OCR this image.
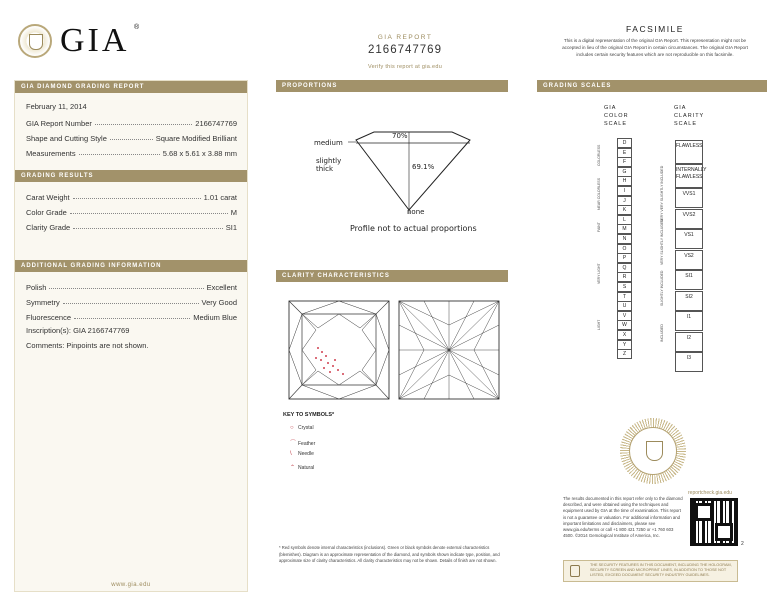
GIA ®
GIA REPORT
2166747769
Verify this report at gia.edu
FACSIMILE
This is a digital representation of the original GIA Report. This representation might not be accepted in lieu of the original GIA Report in certain circumstances. The original GIA Report includes certain security features which are not reproducible on this facsimile.
GIA DIAMOND GRADING REPORT
February 11, 2014
GIA Report Number	2166747769
Shape and Cutting Style	Square Modified Brilliant
Measurements	5.68 x 5.61 x 3.88 mm
GRADING RESULTS
Carat Weight	1.01 carat
Color Grade	M
Clarity Grade	SI1
ADDITIONAL GRADING INFORMATION
Polish	Excellent
Symmetry	Very Good
Fluorescence	Medium Blue
Inscription(s): GIA 2166747769
Comments: Pinpoints are not shown.
www.gia.edu
PROPORTIONS
70%
69.1%
medium
slightly
thick
none
Profile not to actual proportions
CLARITY CHARACTERISTICS
KEY TO SYMBOLS*
○ Crystal
⌒ Feather
\ Needle
⌃ Natural
* Red symbols denote internal characteristics (inclusions). Green or black symbols denote external characteristics (blemishes). Diagram is an approximate representation of the diamond, and symbols shown indicate type, position, and approximate size of clarity characteristics. All clarity characteristics may not be shown. Details of finish are not shown.
GRADING SCALES
GIA
COLOR
SCALE
GIA
CLARITY
SCALE
D
E
F
G
H
I
J
K
L
M
N
O
P
Q
R
S
T
U
V
W
X
Y
Z
FLAWLESS
INTERNALLY FLAWLESS
VVS1
VVS2
VS1
VS2
SI1
SI2
I1
I2
I3
COLORLESS
NEAR COLORLESS
FAINT
VERY LIGHT
LIGHT
VERY VERY SLIGHTLY INCLUDED
VERY SLIGHTLY INCLUDED
SLIGHTLY INCLUDED
INCLUDED
reportcheck.gia.edu
2
The results documented in this report refer only to the diamond described, and were obtained using the techniques and equipment used by GIA at the time of examination. This report is not a guarantee or valuation. For additional information and important limitations and disclaimers, please see www.gia.edu/terms or call +1 800 421 7250 or +1 760 603 4500. ©2014 Gemological Institute of America, Inc.
THE SECURITY FEATURES IN THIS DOCUMENT, INCLUDING THE HOLOGRAM, SECURITY SCREEN AND MICROPRINT LINES, IN ADDITION TO THOSE NOT LISTED, EXCEED DOCUMENT SECURITY INDUSTRY GUIDELINES.
